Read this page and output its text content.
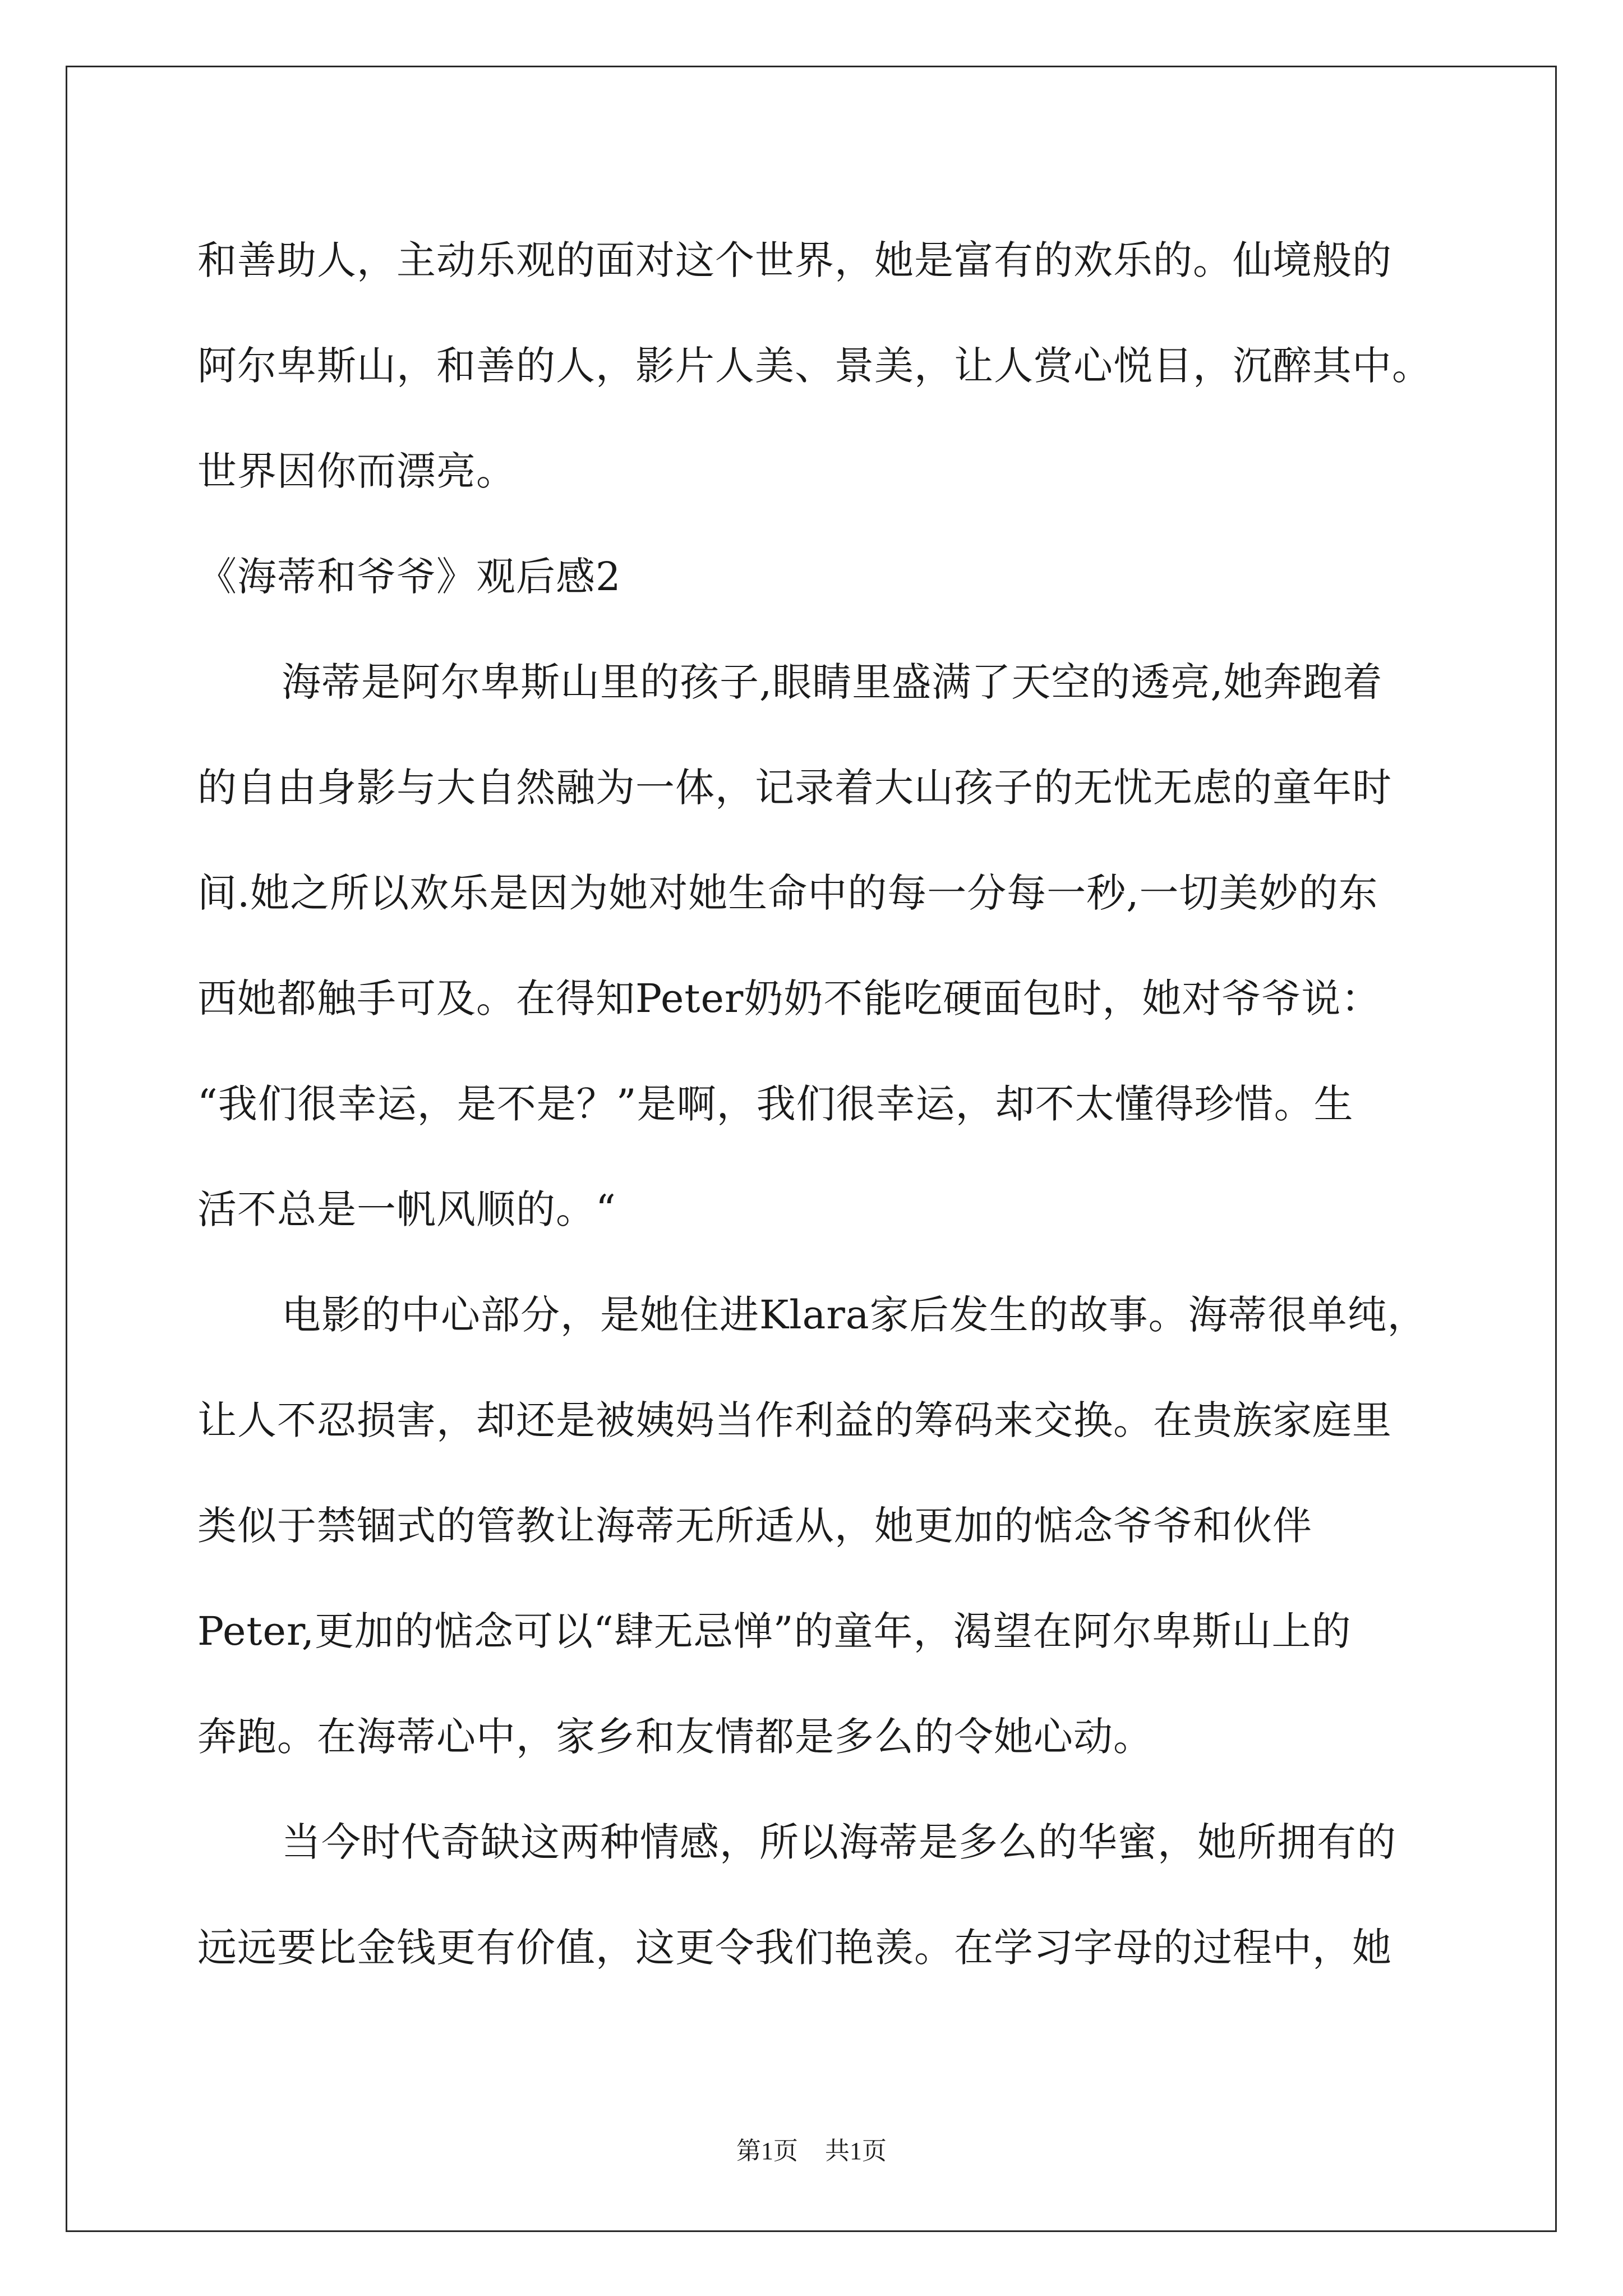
和善助人，主动乐观的面对这个世界，她是富有的欢乐的。仙境般的
阿尔卑斯山，和善的人，影片人美、景美，让人赏心悦目，沉醉其中。
世界因你而漂亮。
《海蒂和爷爷》观后感2
海蒂是阿尔卑斯山里的孩子,眼睛里盛满了天空的透亮,她奔跑着
的自由身影与大自然融为一体，记录着大山孩子的无忧无虑的童年时
间.她之所以欢乐是因为她对她生命中的每一分每一秒,一切美妙的东
西她都触手可及。在得知Peter奶奶不能吃硬面包时，她对爷爷说：
“我们很幸运，是不是？”是啊，我们很幸运，却不太懂得珍惜。生
活不总是一帆风顺的。“
电影的中心部分，是她住进Klara家后发生的故事。海蒂很单纯，
让人不忍损害，却还是被姨妈当作利益的筹码来交换。在贵族家庭里
类似于禁锢式的管教让海蒂无所适从，她更加的惦念爷爷和伙伴
Peter,更加的惦念可以“肆无忌惮”的童年，渴望在阿尔卑斯山上的
奔跑。在海蒂心中，家乡和友情都是多么的令她心动。
当今时代奇缺这两种情感，所以海蒂是多么的华蜜，她所拥有的
远远要比金钱更有价值，这更令我们艳羡。在学习字母的过程中，她
第1页 共1页
